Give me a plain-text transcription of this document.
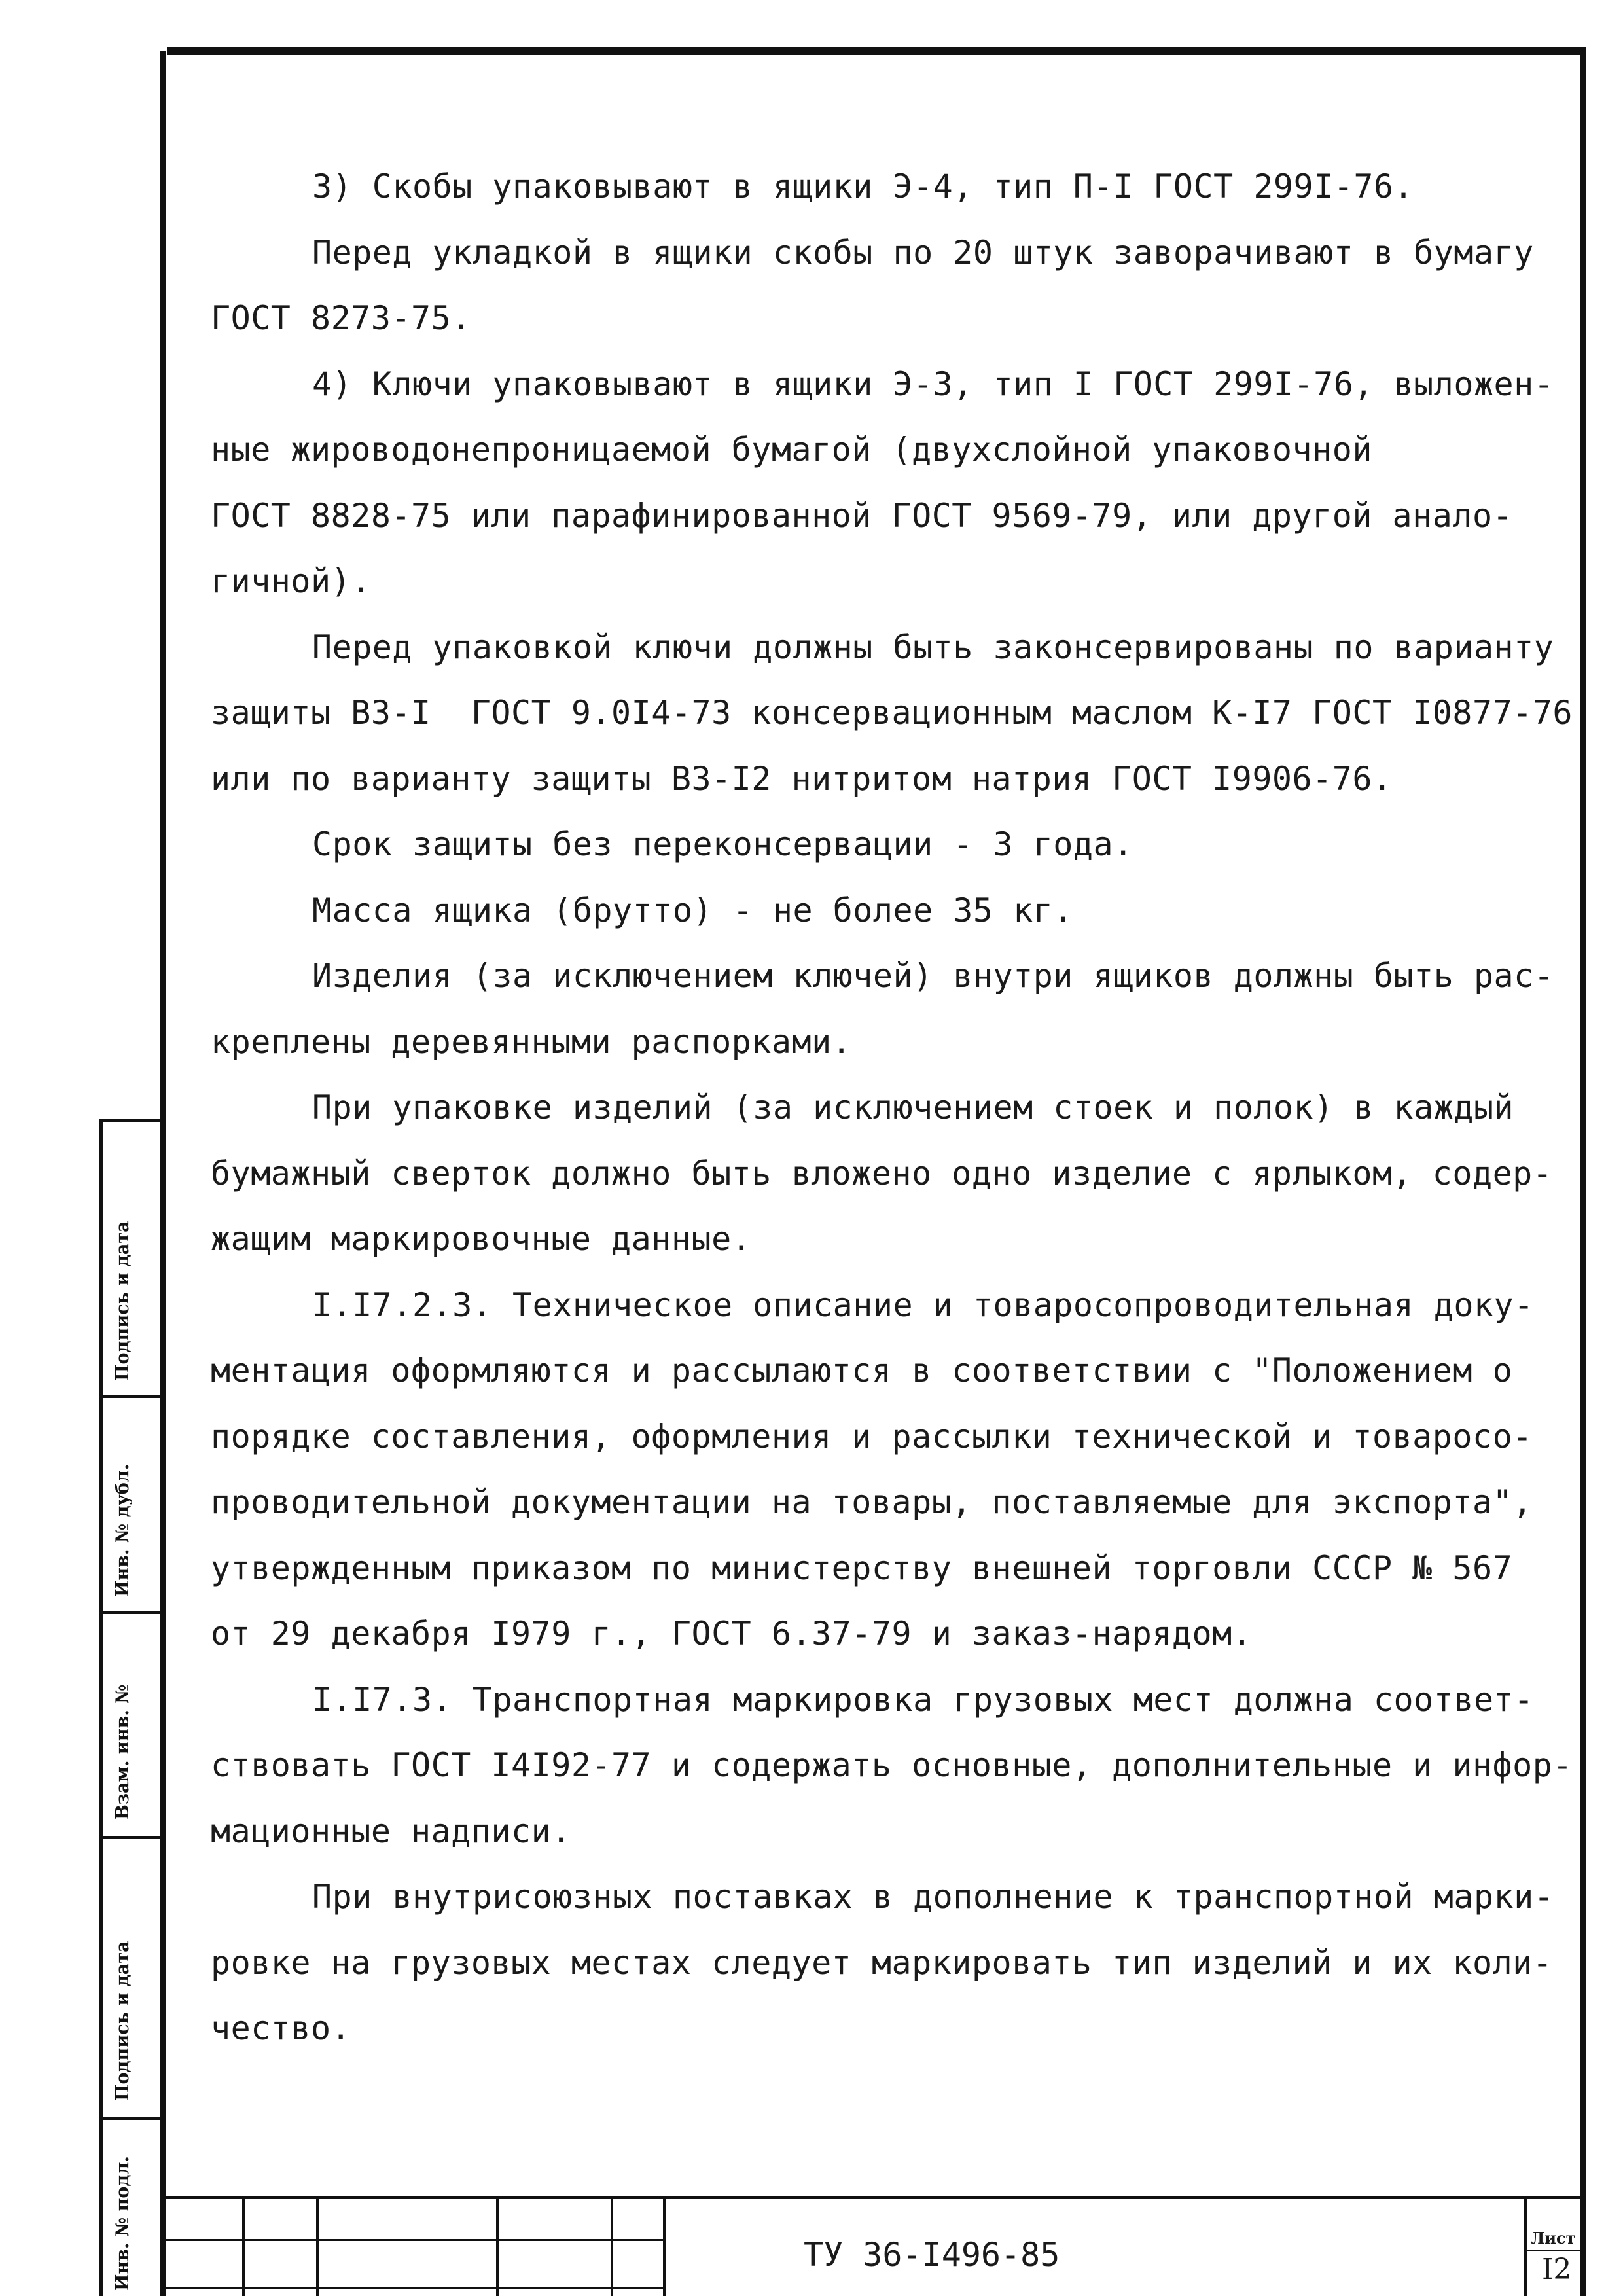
3) Скобы упаковывают в ящики Э-4, тип П-I ГОСТ 299I-76.
Перед укладкой в ящики скобы по 20 штук заворачивают в бумагу
ГОСТ 8273-75.
4) Ключи упаковывают в ящики Э-3, тип I ГОСТ 299I-76, выложен-
ные жироводонепроницаемой бумагой (двухслойной упаковочной
ГОСТ 8828-75 или парафинированной ГОСТ 9569-79, или другой анало-
гичной).
Перед упаковкой ключи должны быть законсервированы по варианту
защиты В3-I  ГОСТ 9.0I4-73 консервационным маслом К-I7 ГОСТ I0877-76
или по варианту защиты В3-I2 нитритом натрия ГОСТ I9906-76.
Срок защиты без переконсервации - 3 года.
Масса ящика (брутто) - не более 35 кг.
Изделия (за исключением ключей) внутри ящиков должны быть рас-
креплены деревянными распорками.
При упаковке изделий (за исключением стоек и полок) в каждый
бумажный сверток должно быть вложено одно изделие с ярлыком, содер-
жащим маркировочные данные.
I.I7.2.3. Техническое описание и товаросопроводительная доку-
ментация оформляются и рассылаются в соответствии с "Положением о
порядке составления, оформления и рассылки технической и товаросо-
проводительной документации на товары, поставляемые для экспорта",
утвержденным приказом по министерству внешней торговли СССР № 567
от 29 декабря I979 г., ГОСТ 6.37-79 и заказ-нарядом.
I.I7.3. Транспортная маркировка грузовых мест должна соответ-
ствовать ГОСТ I4I92-77 и содержать основные, дополнительные и инфор-
мационные надписи.
При внутрисоюзных поставках в дополнение к транспортной марки-
ровке на грузовых местах следует маркировать тип изделий и их коли-
чество.
Подпись и дата
Инв. № дубл.
Взам. инв. №
Подпись и дата
Инв. № подл.	ТУ 36-I496-85	Лист
I2
